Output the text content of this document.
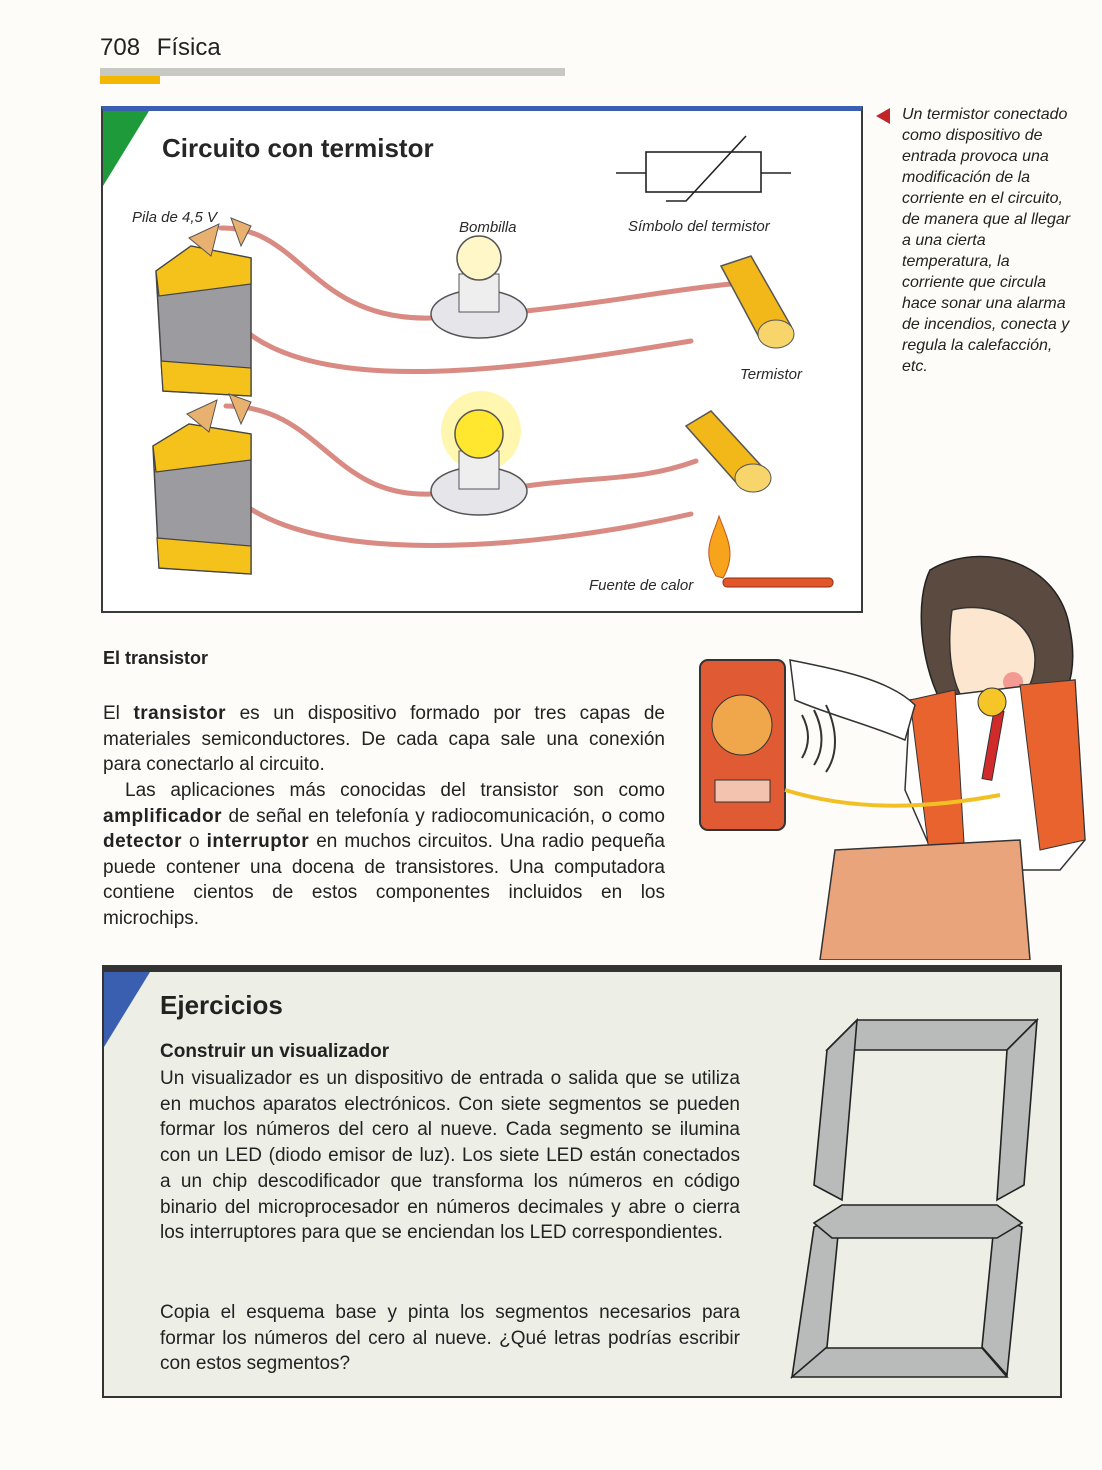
708 Física
Circuito con termistor
Pila de 4,5 V
Bombilla	Símbolo del termistor
Termistor
Fuente de calor
Un termistor conectado como dispositivo de entrada provoca una modificación de la corriente en el circuito, de manera que al llegar a una cierta temperatura, la corriente que circula hace sonar una alarma de incendios, conecta y regula la calefacción, etc.
El transistor
El transistor es un dispositivo formado por tres capas de materiales semiconductores. De cada capa sale una conexión para conectarlo al circuito.
Las aplicaciones más conocidas del transistor son como amplificador de señal en telefonía y radiocomunicación, o como detector o interruptor en muchos circuitos. Una radio pequeña puede contener una docena de transistores. Una computadora contiene cientos de estos componentes incluidos en los microchips.
Ejercicios
Construir un visualizador
Un visualizador es un dispositivo de entrada o salida que se utiliza en muchos aparatos electrónicos. Con siete segmentos se pueden formar los números del cero al nueve. Cada segmento se ilumina con un LED (diodo emisor de luz). Los siete LED están conectados a un chip descodificador que transforma los números en código binario del microprocesador en números decimales y abre o cierra los interruptores para que se enciendan los LED correspondientes.
Copia el esquema base y pinta los segmentos necesarios para formar los números del cero al nueve. ¿Qué letras podrías escribir con estos segmentos?
